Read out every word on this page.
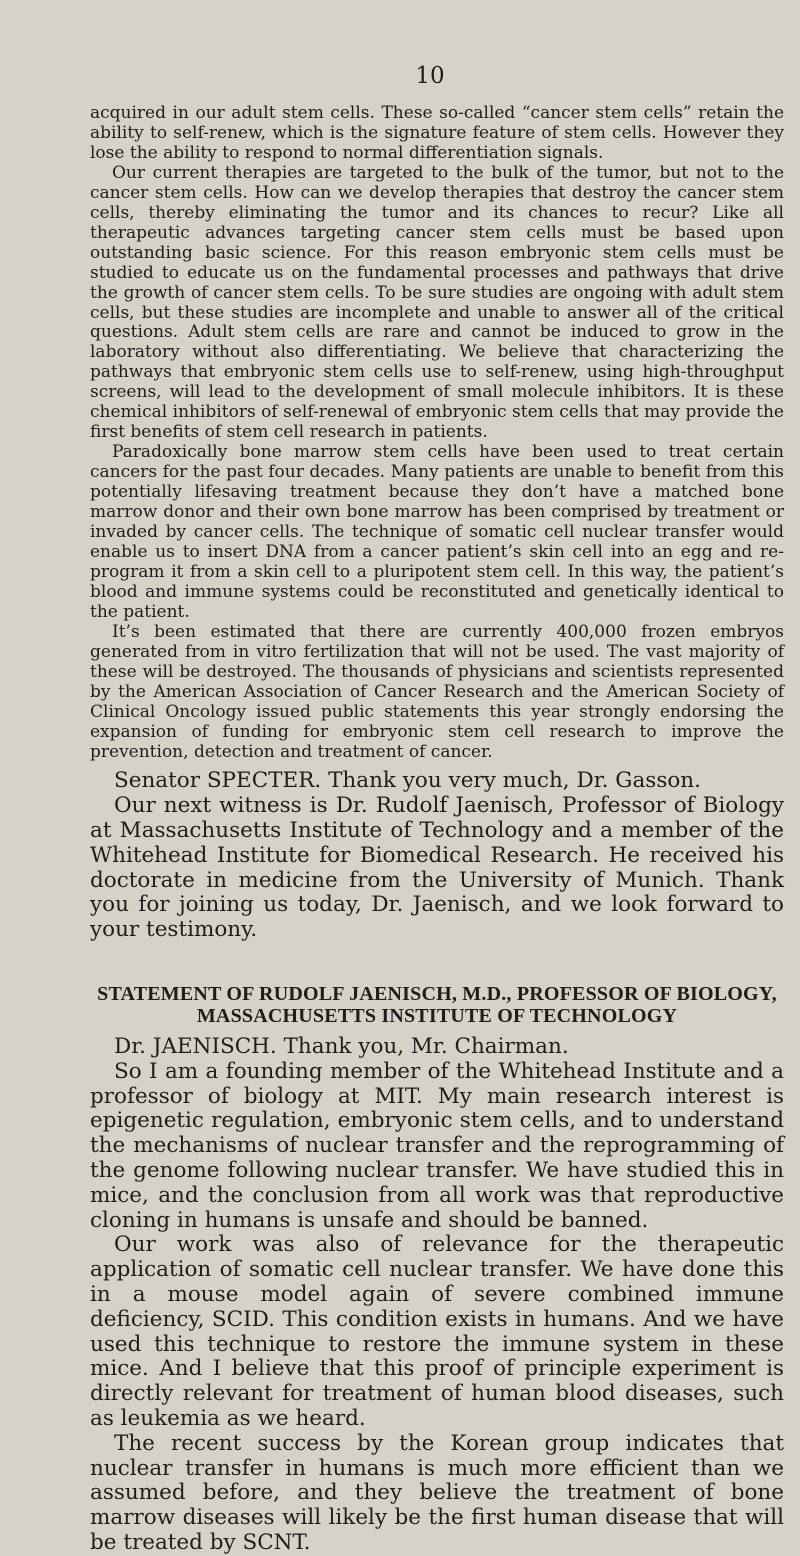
10

acquired in our adult stem cells. These so-called “cancer stem cells” retain the ability to self-renew, which is the signature feature of stem cells. However they lose the ability to respond to normal differentiation signals.

Our current therapies are targeted to the bulk of the tumor, but not to the cancer stem cells. How can we develop therapies that destroy the cancer stem cells, thereby eliminating the tumor and its chances to recur? Like all therapeutic advances targeting cancer stem cells must be based upon outstanding basic science. For this reason embryonic stem cells must be studied to educate us on the fundamental processes and pathways that drive the growth of cancer stem cells. To be sure studies are ongoing with adult stem cells, but these studies are incomplete and unable to answer all of the critical questions. Adult stem cells are rare and cannot be induced to grow in the laboratory without also differentiating. We believe that characterizing the pathways that embryonic stem cells use to self-renew, using high-throughput screens, will lead to the development of small molecule inhibitors. It is these chemical inhibitors of self-renewal of embryonic stem cells that may provide the first benefits of stem cell research in patients.

Paradoxically bone marrow stem cells have been used to treat certain cancers for the past four decades. Many patients are unable to benefit from this potentially lifesaving treatment because they don’t have a matched bone marrow donor and their own bone marrow has been comprised by treatment or invaded by cancer cells. The technique of somatic cell nuclear transfer would enable us to insert DNA from a cancer patient’s skin cell into an egg and re-program it from a skin cell to a pluripotent stem cell. In this way, the patient’s blood and immune systems could be reconstituted and genetically identical to the patient.

It’s been estimated that there are currently 400,000 frozen embryos generated from in vitro fertilization that will not be used. The vast majority of these will be destroyed. The thousands of physicians and scientists represented by the American Association of Cancer Research and the American Society of Clinical Oncology issued public statements this year strongly endorsing the expansion of funding for embryonic stem cell research to improve the prevention, detection and treatment of cancer.

Senator SPECTER. Thank you very much, Dr. Gasson.

Our next witness is Dr. Rudolf Jaenisch, Professor of Biology at Massachusetts Institute of Technology and a member of the Whitehead Institute for Biomedical Research. He received his doctorate in medicine from the University of Munich. Thank you for joining us today, Dr. Jaenisch, and we look forward to your testimony.

STATEMENT OF RUDOLF JAENISCH, M.D., PROFESSOR OF BIOLOGY,
MASSACHUSETTS INSTITUTE OF TECHNOLOGY

Dr. JAENISCH. Thank you, Mr. Chairman.

So I am a founding member of the Whitehead Institute and a professor of biology at MIT. My main research interest is epigenetic regulation, embryonic stem cells, and to understand the mechanisms of nuclear transfer and the reprogramming of the genome following nuclear transfer. We have studied this in mice, and the conclusion from all work was that reproductive cloning in humans is unsafe and should be banned.

Our work was also of relevance for the therapeutic application of somatic cell nuclear transfer. We have done this in a mouse model again of severe combined immune deficiency, SCID. This condition exists in humans. And we have used this technique to restore the immune system in these mice. And I believe that this proof of principle experiment is directly relevant for treatment of human blood diseases, such as leukemia as we heard.

The recent success by the Korean group indicates that nuclear transfer in humans is much more efficient than we assumed before, and they believe the treatment of bone marrow diseases will likely be the first human disease that will be treated by SCNT.
